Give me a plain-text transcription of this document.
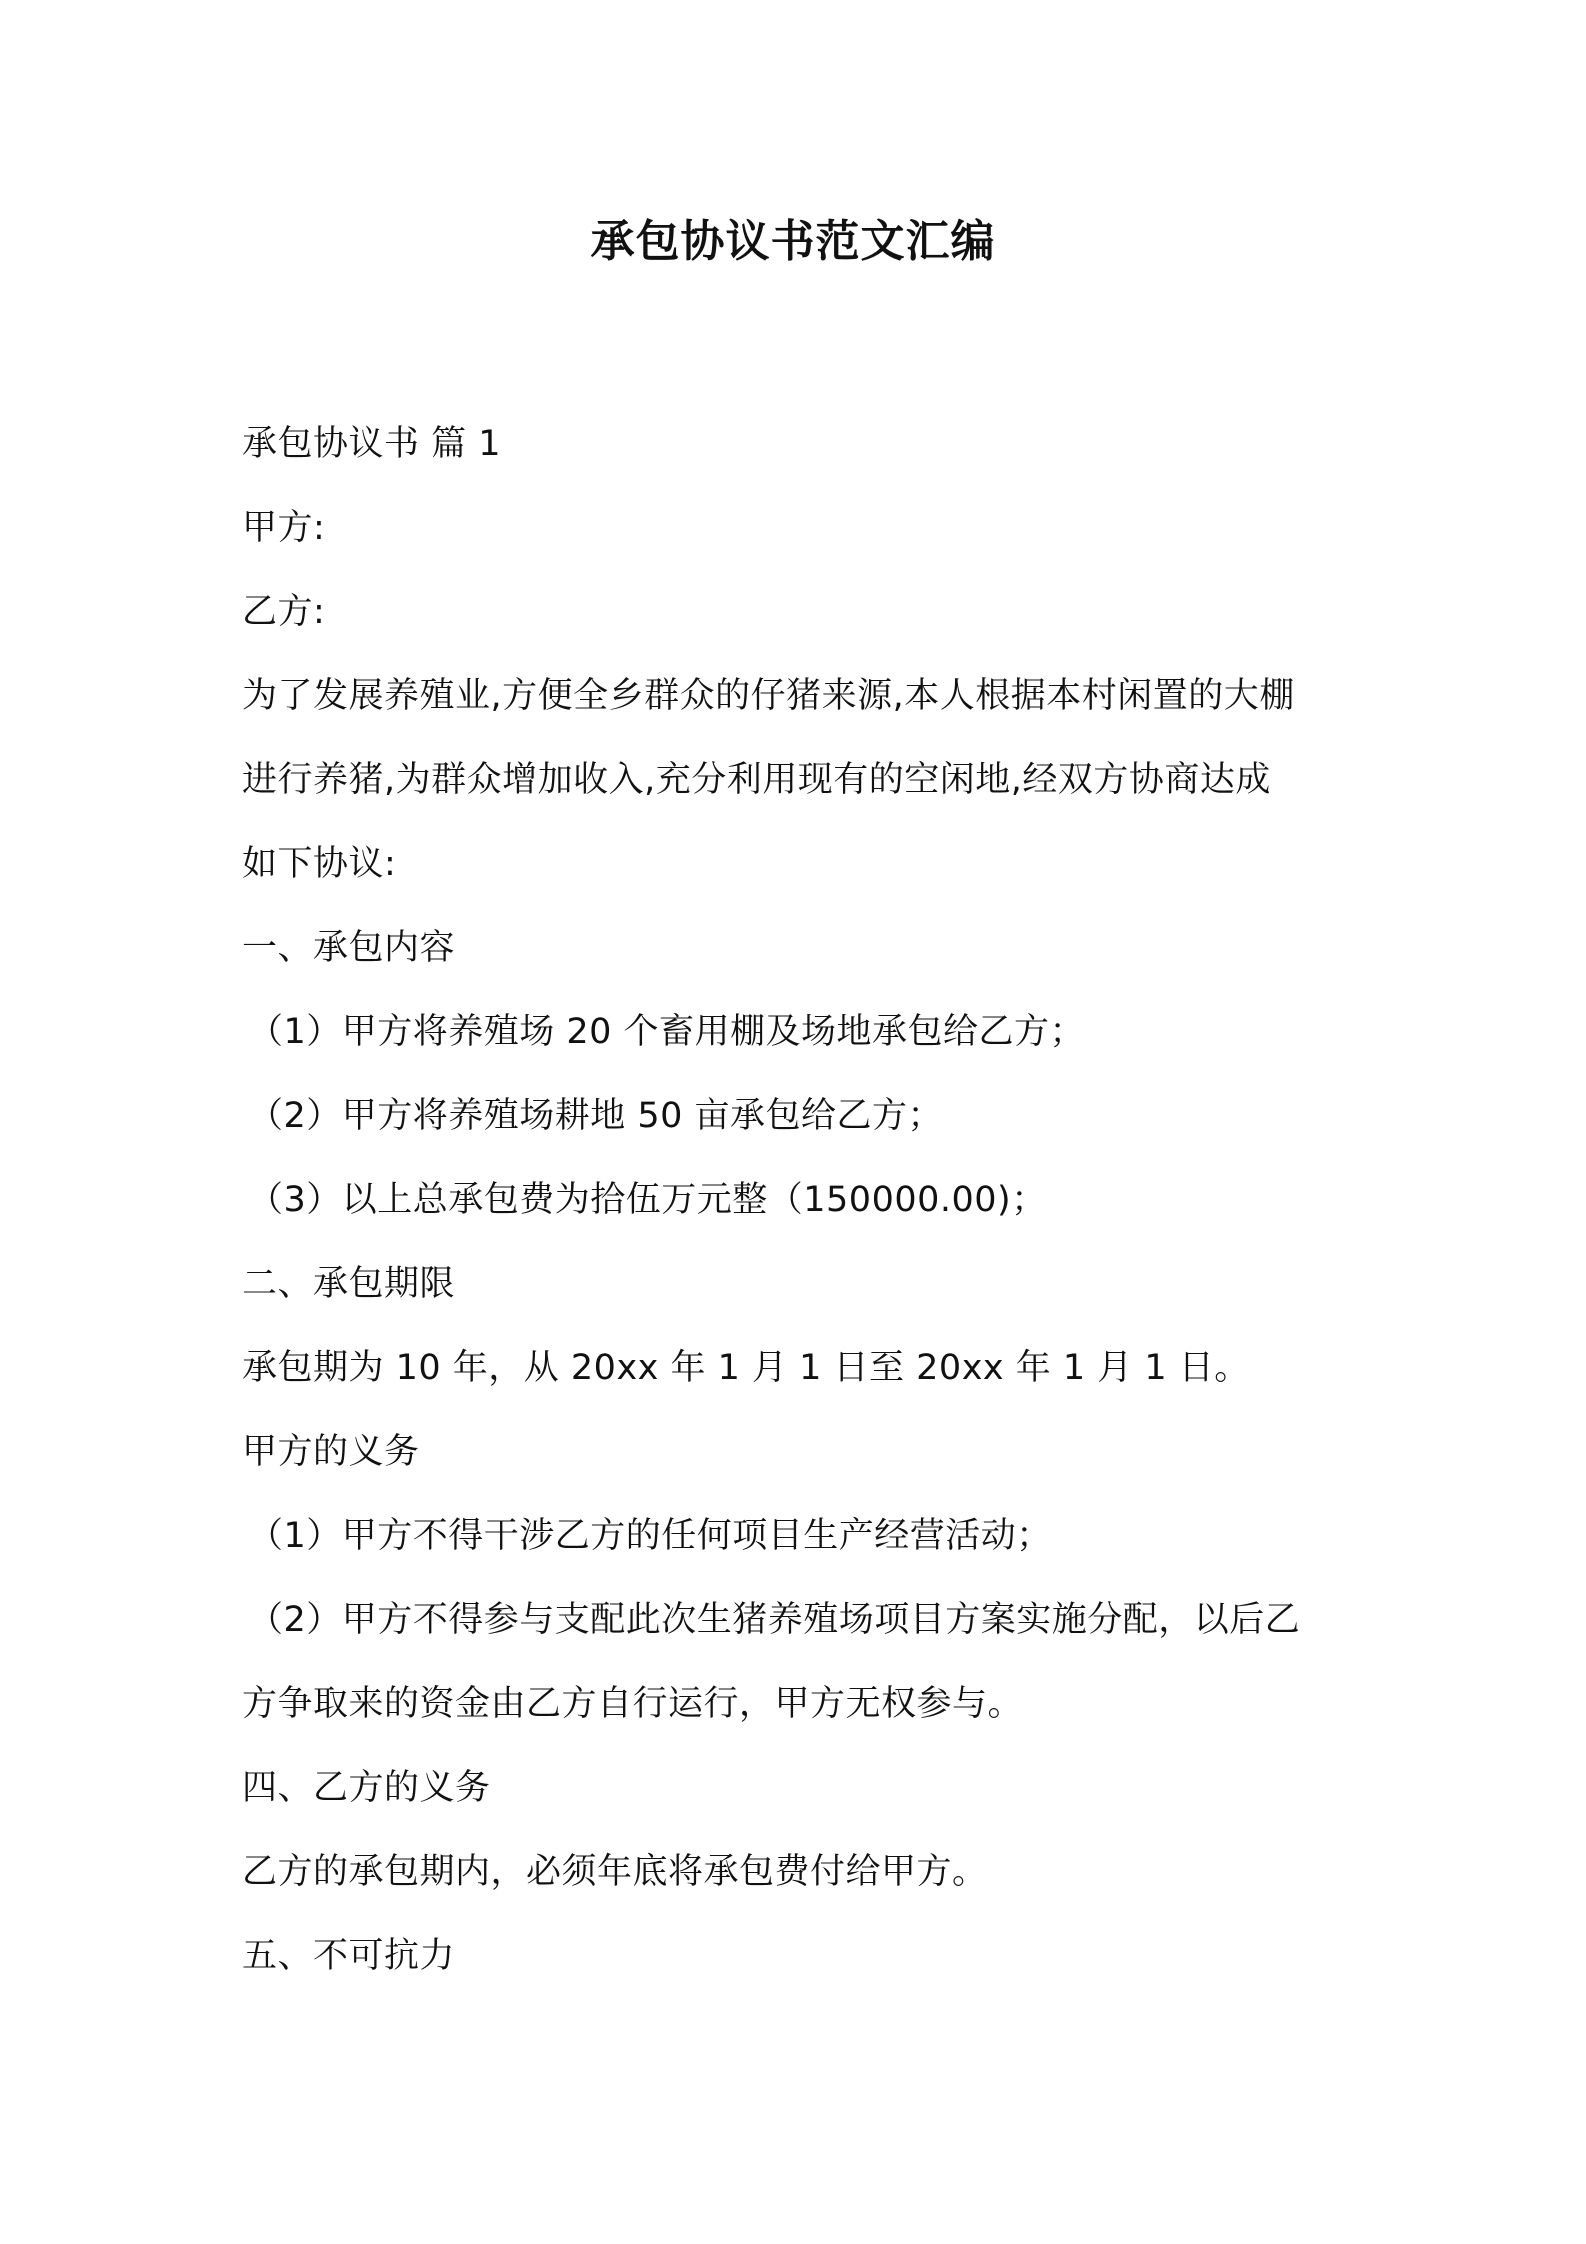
承包协议书范文汇编
承包协议书 篇 1
甲方:
乙方:
为了发展养殖业,方便全乡群众的仔猪来源,本人根据本村闲置的大棚
进行养猪,为群众增加收入,充分利用现有的空闲地,经双方协商达成
如下协议:
一、承包内容
（1）甲方将养殖场 20 个畜用棚及场地承包给乙方；
（2）甲方将养殖场耕地 50 亩承包给乙方；
（3）以上总承包费为拾伍万元整（150000.00)；
二、承包期限
承包期为 10 年，从 20xx 年 1 月 1 日至 20xx 年 1 月 1 日。
甲方的义务
（1）甲方不得干涉乙方的任何项目生产经营活动；
（2）甲方不得参与支配此次生猪养殖场项目方案实施分配，以后乙
方争取来的资金由乙方自行运行，甲方无权参与。
四、乙方的义务
乙方的承包期内，必须年底将承包费付给甲方。
五、不可抗力
